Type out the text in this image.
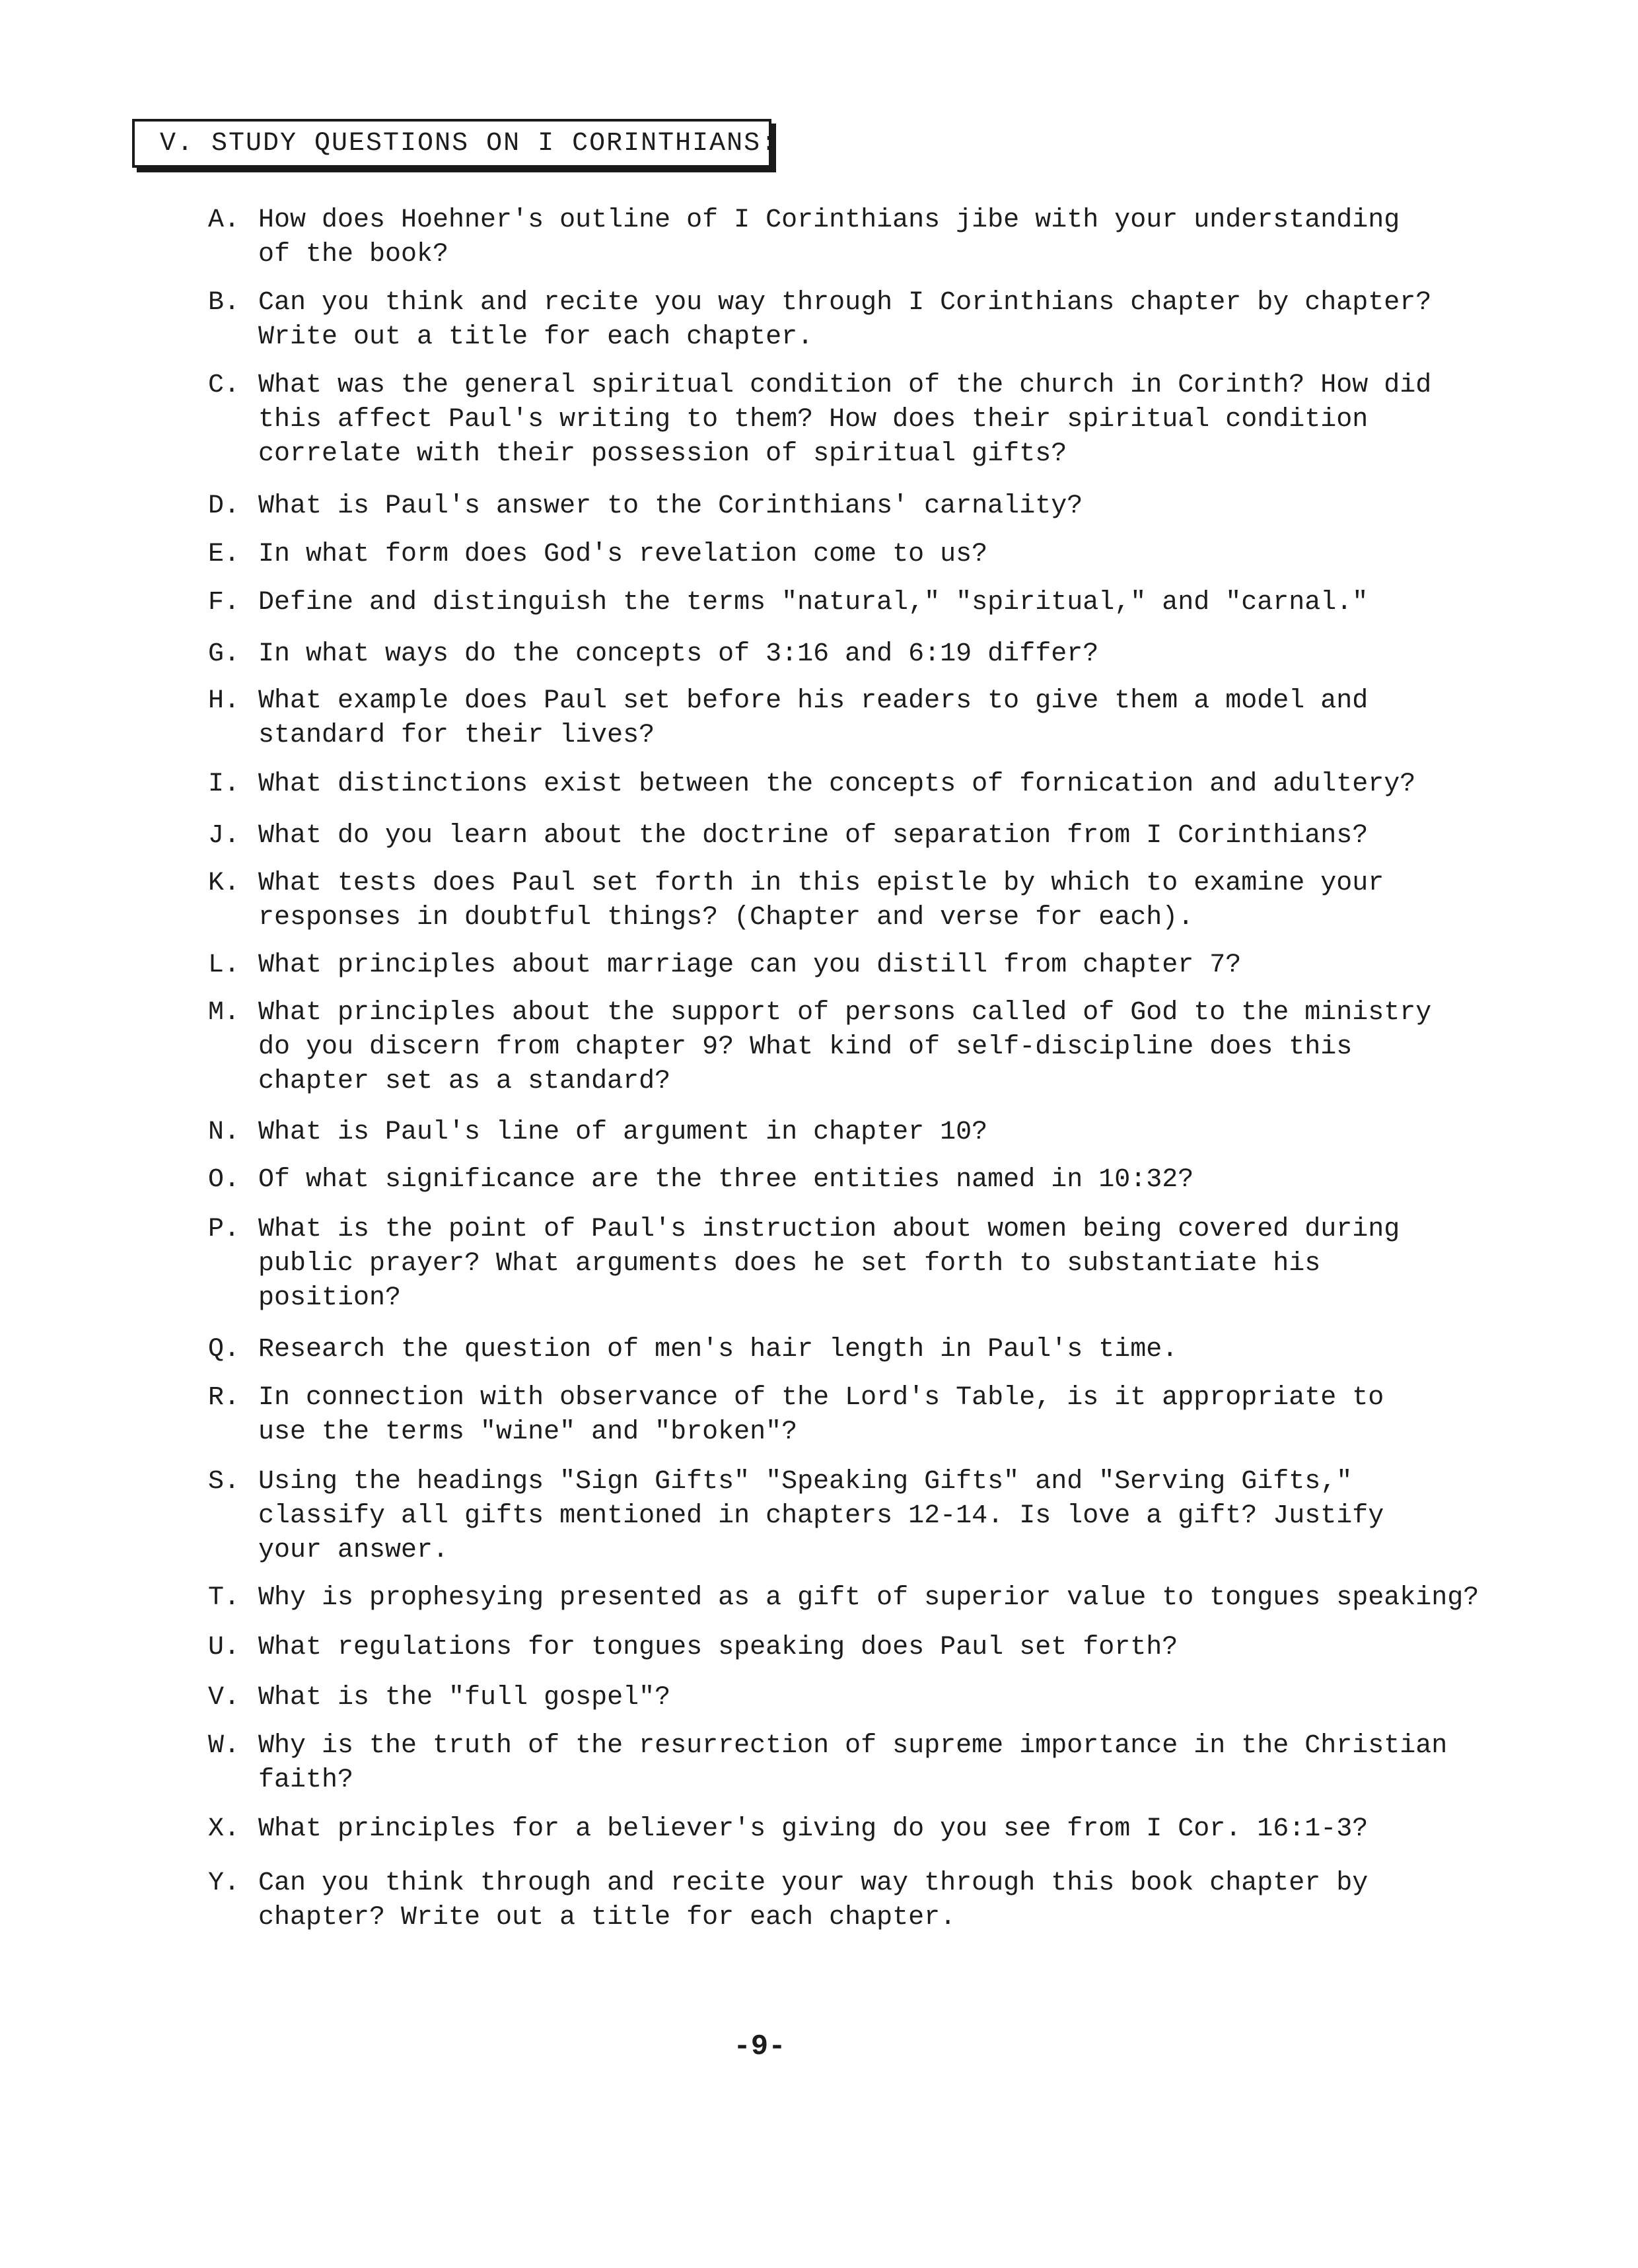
V. STUDY QUESTIONS ON I CORINTHIANS:
A. How does Hoehner's outline of I Corinthians jibe with your understanding
of the book?
B. Can you think and recite you way through I Corinthians chapter by chapter?
Write out a title for each chapter.
C. What was the general spiritual condition of the church in Corinth? How did
this affect Paul's writing to them? How does their spiritual condition
correlate with their possession of spiritual gifts?
D. What is Paul's answer to the Corinthians' carnality?
E. In what form does God's revelation come to us?
F. Define and distinguish the terms "natural," "spiritual," and "carnal."
G. In what ways do the concepts of 3:16 and 6:19 differ?
H. What example does Paul set before his readers to give them a model and
standard for their lives?
I. What distinctions exist between the concepts of fornication and adultery?
J. What do you learn about the doctrine of separation from I Corinthians?
K. What tests does Paul set forth in this epistle by which to examine your
responses in doubtful things? (Chapter and verse for each).
L. What principles about marriage can you distill from chapter 7?
M. What principles about the support of persons called of God to the ministry
do you discern from chapter 9? What kind of self-discipline does this
chapter set as a standard?
N. What is Paul's line of argument in chapter 10?
O. Of what significance are the three entities named in 10:32?
P. What is the point of Paul's instruction about women being covered during
public prayer? What arguments does he set forth to substantiate his
position?
Q. Research the question of men's hair length in Paul's time.
R. In connection with observance of the Lord's Table, is it appropriate to
use the terms "wine" and "broken"?
S. Using the headings "Sign Gifts" "Speaking Gifts" and "Serving Gifts,"
classify all gifts mentioned in chapters 12-14. Is love a gift? Justify
your answer.
T. Why is prophesying presented as a gift of superior value to tongues speaking?
U. What regulations for tongues speaking does Paul set forth?
V. What is the "full gospel"?
W. Why is the truth of the resurrection of supreme importance in the Christian
faith?
X. What principles for a believer's giving do you see from I Cor. 16:1-3?
Y. Can you think through and recite your way through this book chapter by
chapter? Write out a title for each chapter.
-9-
